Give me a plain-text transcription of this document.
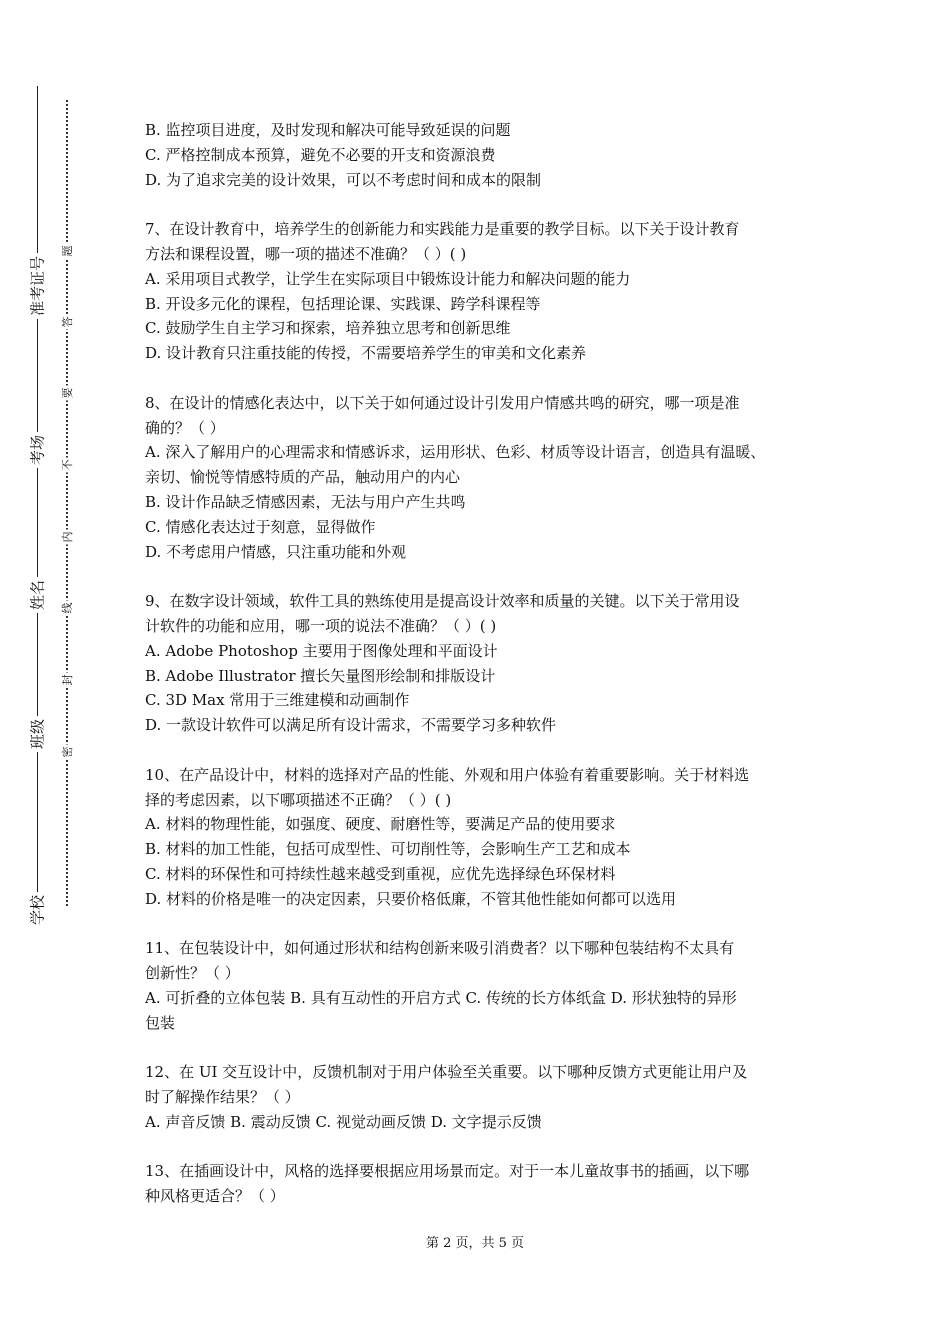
准考证号
考场
姓名
班级
学校
题
答
要
不
内
线
封
密

B. 监控项目进度，及时发现和解决可能导致延误的问题

C. 严格控制成本预算，避免不必要的开支和资源浪费

D. 为了追求完美的设计效果，可以不考虑时间和成本的限制

7、在设计教育中，培养学生的创新能力和实践能力是重要的教学目标。以下关于设计教育

方法和课程设置，哪一项的描述不准确？（ ）( )

A. 采用项目式教学，让学生在实际项目中锻炼设计能力和解决问题的能力

B. 开设多元化的课程，包括理论课、实践课、跨学科课程等

C. 鼓励学生自主学习和探索，培养独立思考和创新思维

D. 设计教育只注重技能的传授，不需要培养学生的审美和文化素养

8、在设计的情感化表达中，以下关于如何通过设计引发用户情感共鸣的研究，哪一项是准

确的？（ ）

A. 深入了解用户的心理需求和情感诉求，运用形状、色彩、材质等设计语言，创造具有温暖、

亲切、愉悦等情感特质的产品，触动用户的内心

B. 设计作品缺乏情感因素，无法与用户产生共鸣

C. 情感化表达过于刻意，显得做作

D. 不考虑用户情感，只注重功能和外观

9、在数字设计领域，软件工具的熟练使用是提高设计效率和质量的关键。以下关于常用设

计软件的功能和应用，哪一项的说法不准确？（ ）( )

A. Adobe Photoshop 主要用于图像处理和平面设计

B. Adobe Illustrator 擅长矢量图形绘制和排版设计

C. 3D Max 常用于三维建模和动画制作

D. 一款设计软件可以满足所有设计需求，不需要学习多种软件

10、在产品设计中，材料的选择对产品的性能、外观和用户体验有着重要影响。关于材料选

择的考虑因素，以下哪项描述不正确？（ ）( )

A. 材料的物理性能，如强度、硬度、耐磨性等，要满足产品的使用要求

B. 材料的加工性能，包括可成型性、可切削性等，会影响生产工艺和成本

C. 材料的环保性和可持续性越来越受到重视，应优先选择绿色环保材料

D. 材料的价格是唯一的决定因素，只要价格低廉，不管其他性能如何都可以选用

11、在包装设计中，如何通过形状和结构创新来吸引消费者？以下哪种包装结构不太具有

创新性？（ ）

A. 可折叠的立体包装 B. 具有互动性的开启方式 C. 传统的长方体纸盒 D. 形状独特的异形

包装

12、在 UI 交互设计中，反馈机制对于用户体验至关重要。以下哪种反馈方式更能让用户及

时了解操作结果？（ ）

A. 声音反馈 B. 震动反馈 C. 视觉动画反馈 D. 文字提示反馈

13、在插画设计中，风格的选择要根据应用场景而定。对于一本儿童故事书的插画，以下哪

种风格更适合？（ ）

第 2 页，共 5 页
